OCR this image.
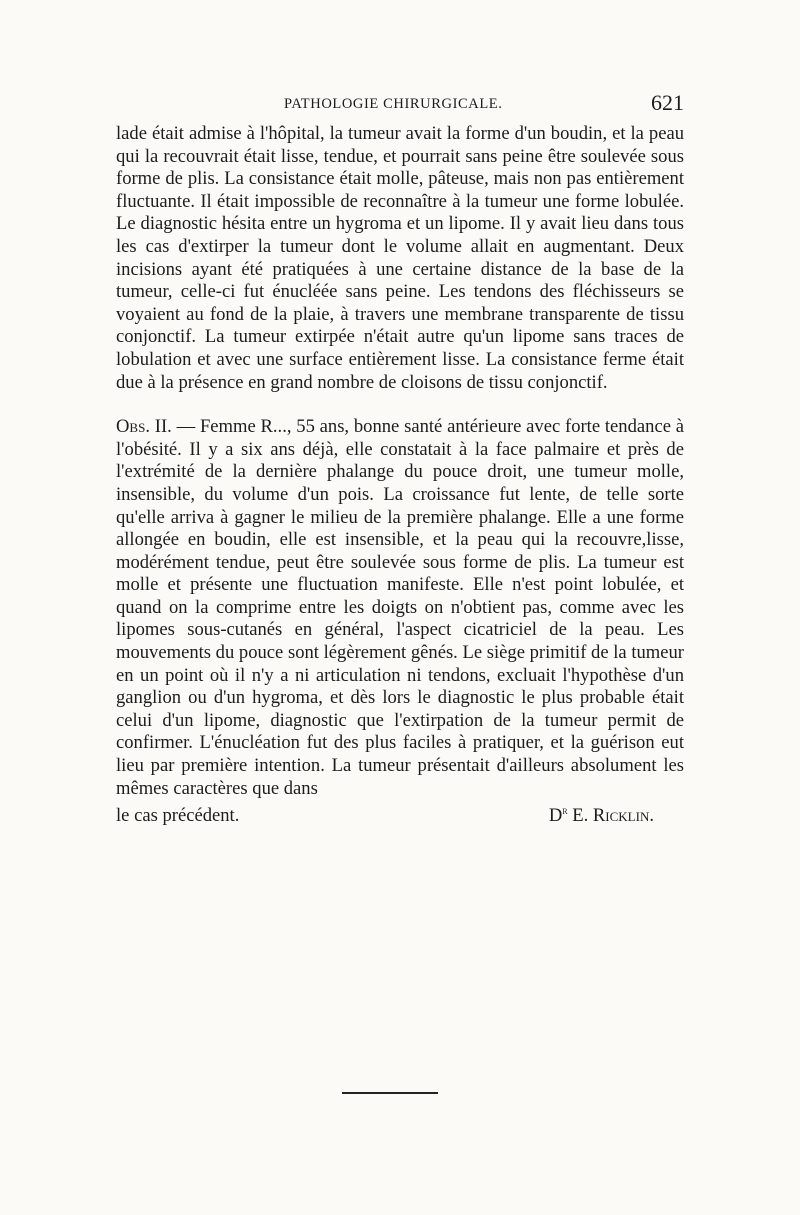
PATHOLOGIE CHIRURGICALE.	621

lade était admise à l'hôpital, la tumeur avait la forme d'un boudin, et la peau qui la recouvrait était lisse, tendue, et pourrait sans peine être soulevée sous forme de plis. La consistance était molle, pâteuse, mais non pas entièrement fluctuante. Il était impossible de reconnaître à la tumeur une forme lobulée. Le diagnostic hésita entre un hygroma et un lipome. Il y avait lieu dans tous les cas d'extirper la tumeur dont le volume allait en augmentant. Deux incisions ayant été pratiquées à une certaine distance de la base de la tumeur, celle-ci fut énucléée sans peine. Les tendons des fléchisseurs se voyaient au fond de la plaie, à travers une membrane transparente de tissu conjonctif. La tumeur extirpée n'était autre qu'un lipome sans traces de lobulation et avec une surface entièrement lisse. La consistance ferme était due à la présence en grand nombre de cloisons de tissu conjonctif.

Obs. II. — Femme R..., 55 ans, bonne santé antérieure avec forte tendance à l'obésité. Il y a six ans déjà, elle constatait à la face palmaire et près de l'extrémité de la dernière phalange du pouce droit, une tumeur molle, insensible, du volume d'un pois. La croissance fut lente, de telle sorte qu'elle arriva à gagner le milieu de la première phalange. Elle a une forme allongée en boudin, elle est insensible, et la peau qui la recouvre,lisse, modérément tendue, peut être soulevée sous forme de plis. La tumeur est molle et présente une fluctuation manifeste. Elle n'est point lobulée, et quand on la comprime entre les doigts on n'obtient pas, comme avec les lipomes sous-cutanés en général, l'aspect cicatriciel de la peau. Les mouvements du pouce sont légèrement gênés. Le siège primitif de la tumeur en un point où il n'y a ni articulation ni tendons, excluait l'hypothèse d'un ganglion ou d'un hygroma, et dès lors le diagnostic le plus probable était celui d'un lipome, diagnostic que l'extirpation de la tumeur permit de confirmer. L'énucléation fut des plus faciles à pratiquer, et la guérison eut lieu par première intention. La tumeur présentait d'ailleurs absolument les mêmes caractères que dans

le cas précédent.	$D^r$ E. Ricklin.
